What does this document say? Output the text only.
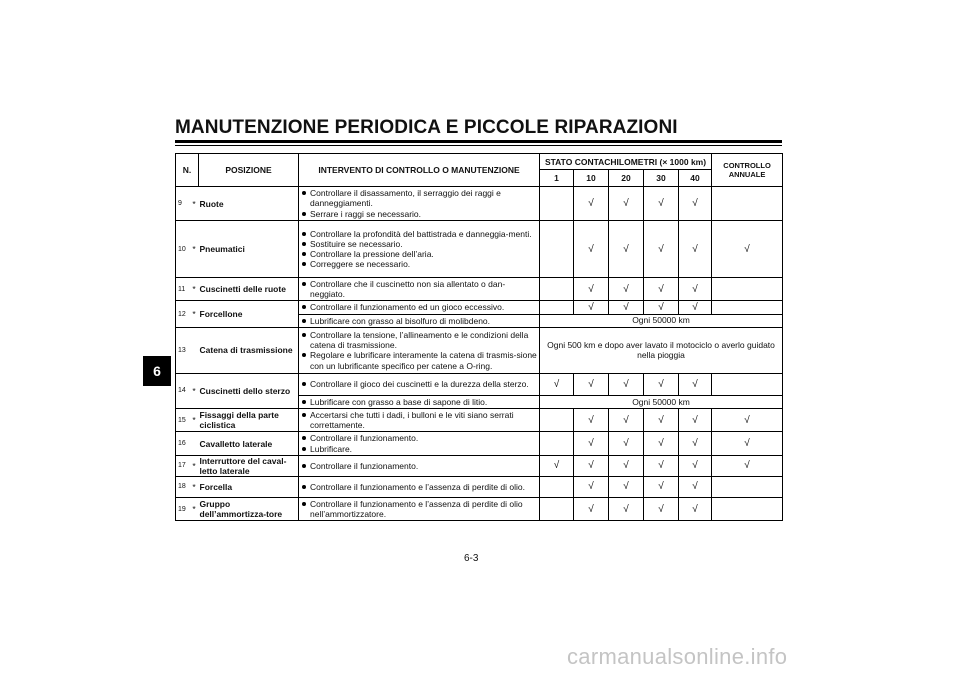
MANUTENZIONE PERIODICA E PICCOLE RIPARAZIONI
6
N.		POSIZIONE	INTERVENTO DI CONTROLLO O MANUTENZIONE	STATO CONTACHILOMETRI (× 1000 km)					CONTROLLO
ANNUALE

				1	10	20	30	40	
9	*	Ruote	Controllare il disassamento, il serraggio dei raggi e danneggiamenti.
Serrare i raggi se necessario.		√	√	√	√	
10	*	Pneumatici	Controllare la profondità del battistrada e danneggia-menti.
Sostituire se necessario.
Controllare la pressione dell’aria.
Correggere se necessario.		√	√	√	√	√
11	*	Cuscinetti delle ruote	Controllare che il cuscinetto non sia allentato o dan-neggiato.		√	√	√	√	
12	*	Forcellone	Controllare il funzionamento ed un gioco eccessivo.		√	√	√	√	

			Lubrificare con grasso al bisolfuro di molibdeno.	Ogni 50000 km					
13		Catena di trasmissione	Controllare la tensione, l’allineamento e le condizioni della catena di trasmissione.
Regolare e lubrificare interamente la catena di trasmis-sione con un lubrificante specifico per catene a O-ring.	Ogni 500 km e dopo aver lavato il motociclo o averlo guidato nella pioggia					
14	*	Cuscinetti dello sterzo	Controllare il gioco dei cuscinetti e la durezza della sterzo.	√	√	√	√	√	

			Lubrificare con grasso a base di sapone di litio.	Ogni 50000 km					
15	*	Fissaggi della parte ciclistica	Accertarsi che tutti i dadi, i bulloni e le viti siano serrati correttamente.		√	√	√	√	√
16		Cavalletto laterale	Controllare il funzionamento.
Lubrificare.		√	√	√	√	√
17	*	Interruttore del caval-letto laterale	Controllare il funzionamento.	√	√	√	√	√	√
18	*	Forcella	Controllare il funzionamento e l’assenza di perdite di olio.		√	√	√	√	
19	*	Gruppo dell’ammortizza-tore	Controllare il funzionamento e l’assenza di perdite di olio nell’ammortizzatore.		√	√	√	√	
6-3
carmanualsonline.info
